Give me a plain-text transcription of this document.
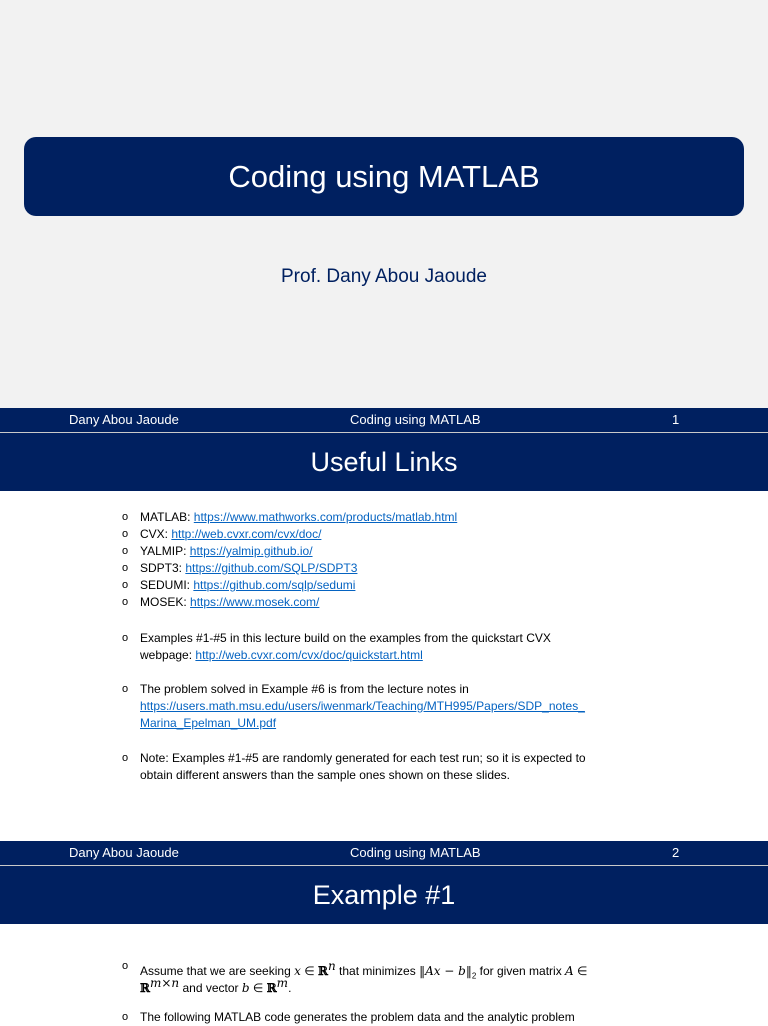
Coding using MATLAB
Prof. Dany Abou Jaoude
Dany Abou Jaoude	Coding using MATLAB	1
Useful Links
o MATLAB: https://www.mathworks.com/products/matlab.html
o CVX: http://web.cvxr.com/cvx/doc/
o YALMIP: https://yalmip.github.io/
o SDPT3: https://github.com/SQLP/SDPT3
o SEDUMI: https://github.com/sqlp/sedumi
o MOSEK: https://www.mosek.com/
o Examples #1-#5 in this lecture build on the examples from the quickstart CVX
webpage: http://web.cvxr.com/cvx/doc/quickstart.html
o The problem solved in Example #6 is from the lecture notes in
https://users.math.msu.edu/users/iwenmark/Teaching/MTH995/Papers/SDP_notes_
Marina_Epelman_UM.pdf
o Note: Examples #1-#5 are randomly generated for each test run; so it is expected to
obtain different answers than the sample ones shown on these slides.
Dany Abou Jaoude	Coding using MATLAB	2
Example #1
o Assume that we are seeking x ∈ ℝ$^n$ that minimizes ‖Ax − $b‖_2$ for given matrix A ∈
ℝ$^{m\times n}$ and vector b ∈ ℝ$^m$.
o The following MATLAB code generates the problem data and the analytic problem
